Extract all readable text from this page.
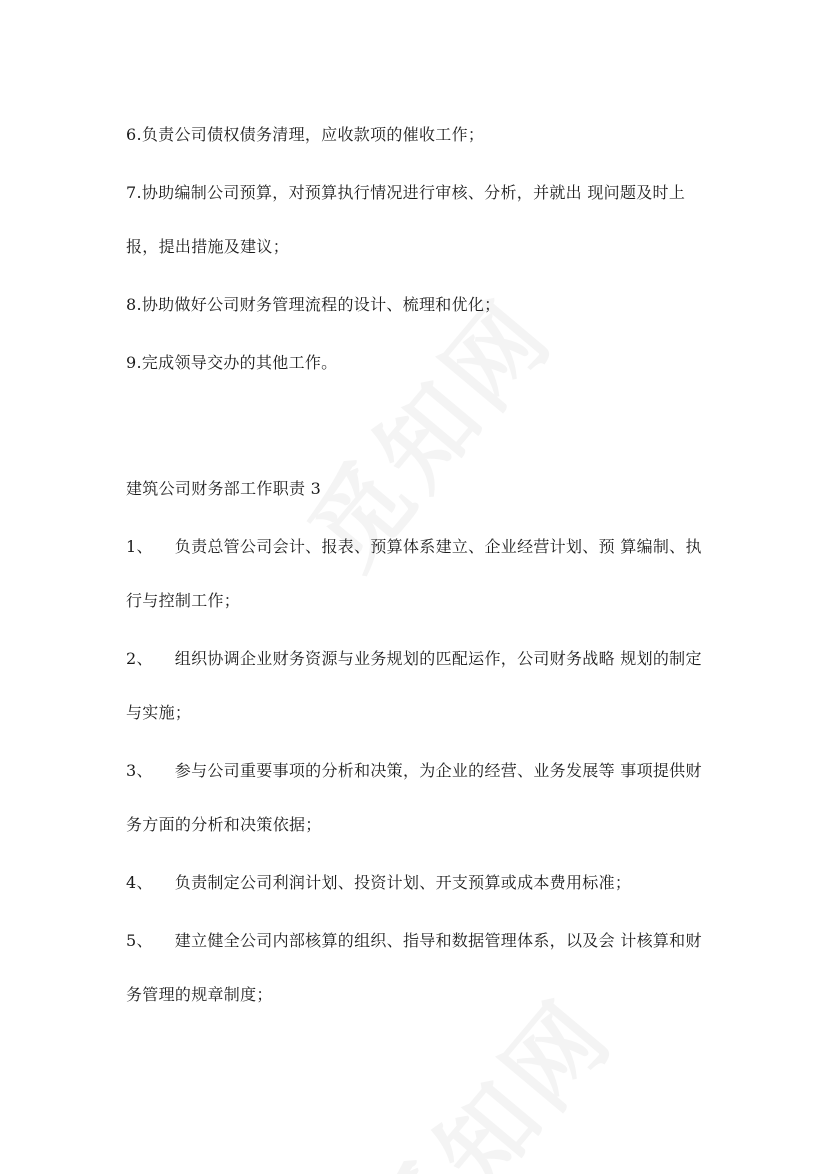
6.负责公司债权债务清理，应收款项的催收工作；

7.协助编制公司预算，对预算执行情况进行审核、分析，并就出 现问题及时上报，提出措施及建议；

8.协助做好公司财务管理流程的设计、梳理和优化；

9.完成领导交办的其他工作。

建筑公司财务部工作职责 3

1、 负责总管公司会计、报表、预算体系建立、企业经营计划、预 算编制、执行与控制工作；

2、 组织协调企业财务资源与业务规划的匹配运作，公司财务战略 规划的制定与实施；

3、 参与公司重要事项的分析和决策，为企业的经营、业务发展等 事项提供财务方面的分析和决策依据；

4、 负责制定公司利润计划、投资计划、开支预算或成本费用标准；

5、 建立健全公司内部核算的组织、指导和数据管理体系，以及会 计核算和财务管理的规章制度；
